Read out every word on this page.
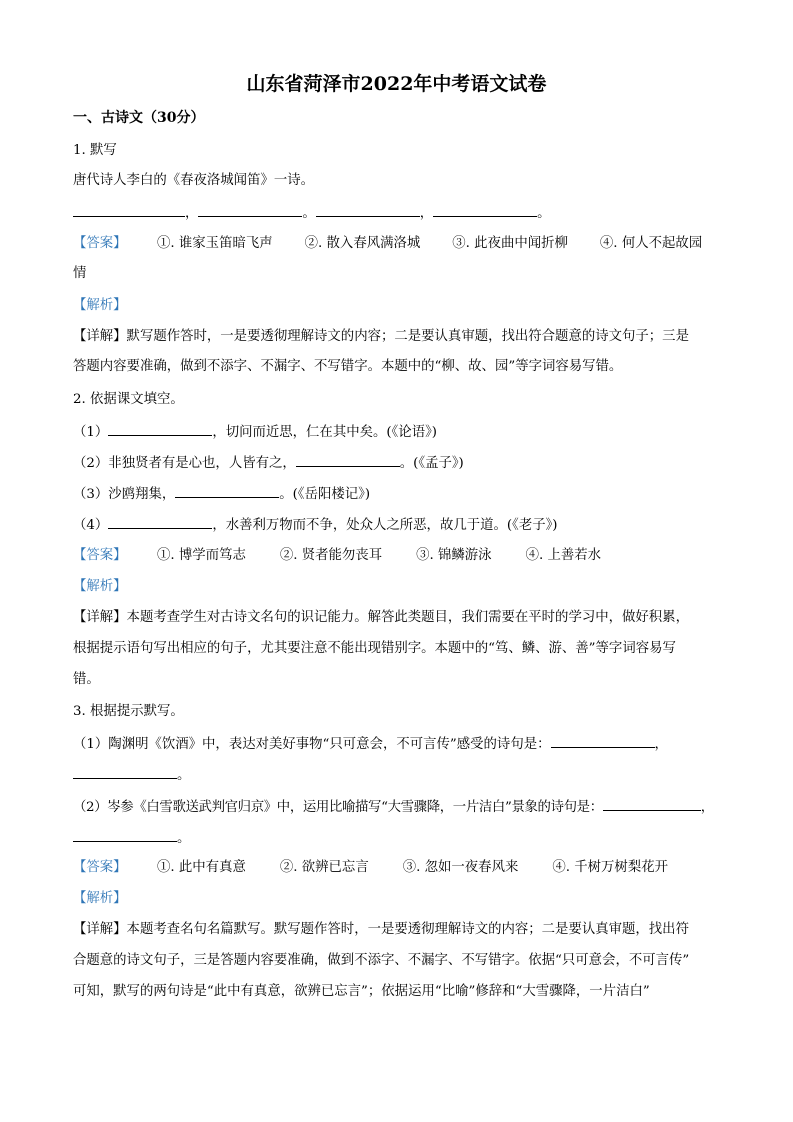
山东省菏泽市2022年中考语文试卷
一、古诗文（30分）
1. 默写
唐代诗人李白的《春夜洛城闻笛》一诗。
，	。	，	。
【答案】 ①. 谁家玉笛暗飞声 ②. 散入春风满洛城 ③. 此夜曲中闻折柳 ④. 何人不起故园
情
【解析】
【详解】默写题作答时，一是要透彻理解诗文的内容；二是要认真审题，找出符合题意的诗文句子；三是
答题内容要准确，做到不添字、不漏字、不写错字。本题中的“柳、故、园”等字词容易写错。
2. 依据课文填空。
（1）	，切问而近思，仁在其中矣。(《论语》)
（2）非独贤者有是心也，人皆有之，	。(《孟子》)
（3）沙鸥翔集，	。(《岳阳楼记》)
（4）	，水善利万物而不争，处众人之所恶，故几于道。(《老子》)
【答案】 ①. 博学而笃志	②. 贤者能勿丧耳	③. 锦鳞游泳	④. 上善若水
【解析】
【详解】本题考查学生对古诗文名句的识记能力。解答此类题目，我们需要在平时的学习中，做好积累，
根据提示语句写出相应的句子，尤其要注意不能出现错别字。本题中的“笃、鳞、游、善”等字词容易写
错。
3. 根据提示默写。
（1）陶渊明《饮酒》中，表达对美好事物“只可意会，不可言传”感受的诗句是：	，
。
（2）岑参《白雪歌送武判官归京》中，运用比喻描写“大雪骤降，一片洁白”景象的诗句是：	，
。
【答案】 ①. 此中有真意	②. 欲辨已忘言	③. 忽如一夜春风来	④. 千树万树梨花开
【解析】
【详解】本题考查名句名篇默写。默写题作答时，一是要透彻理解诗文的内容；二是要认真审题，找出符
合题意的诗文句子，三是答题内容要准确，做到不添字、不漏字、不写错字。依据“只可意会，不可言传”
可知，默写的两句诗是“此中有真意，欲辨已忘言”；依据运用“比喻”修辞和“大雪骤降，一片洁白”
